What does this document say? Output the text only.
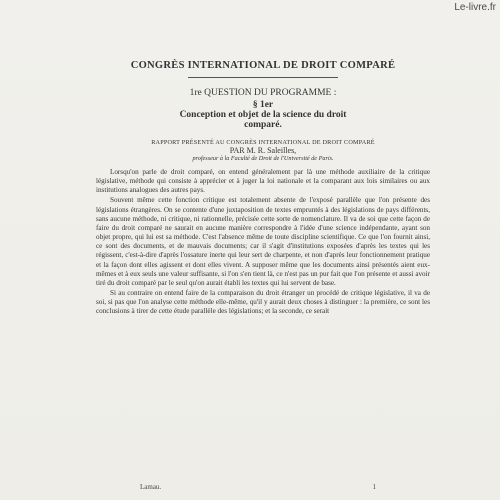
Le-livre.fr

CONGRÈS INTERNATIONAL DE DROIT COMPARÉ

1re QUESTION DU PROGRAMME :

§ 1er

Conception et objet de la science du droit

comparé.

RAPPORT PRÉSENTÉ AU CONGRÈS INTERNATIONAL DE DROIT COMPARÉ

PAR M. R. Saleilles,

professeur à la Faculté de Droit de l'Université de Paris.

Lorsqu'on parle de droit comparé, on entend généralement par là une méthode auxiliaire de la critique législative, méthode qui consiste à apprécier et à juger la loi nationale et la comparant aux lois similaires ou aux institutions analogues des autres pays.

Souvent même cette fonction critique est totalement absente de l'exposé parallèle que l'on présente des législations étrangères. On se contente d'une juxtaposition de textes empruntés à des législations de pays différents, sans aucune méthode, ni critique, ni rationnelle, précisée cette sorte de nomenclature. Il va de soi que cette façon de faire du droit comparé ne saurait en aucune manière correspondre à l'idée d'une science indépendante, ayant son objet propre, qui lui est sa méthode. C'est l'absence même de toute discipline scientifique. Ce que l'on fournit ainsi, ce sont des documents, et de mauvais documents; car il s'agit d'institutions exposées d'après les textes qui les régissent, c'est-à-dire d'après l'ossature inerte qui leur sert de charpente, et non d'après leur fonctionnement pratique et la façon dont elles agissent et dont elles vivent. A supposer même que les documents ainsi présentés aient eux-mêmes et à eux seuls une valeur suffisante, si l'on s'en tient là, ce n'est pas un pur fait que l'on présente et aussi avoir tiré du droit comparé par le seul qu'on aurait établi les textes qui lui servent de base.

Si au contraire on entend faire de la comparaison du droit étranger un procédé de critique législative, il va de soi, si pas que l'on analyse cette méthode elle-même, qu'il y aurait deux choses à distinguer : la première, ce sont les conclusions à tirer de cette étude parallèle des législations; et la seconde, ce serait

Lamau.	1
